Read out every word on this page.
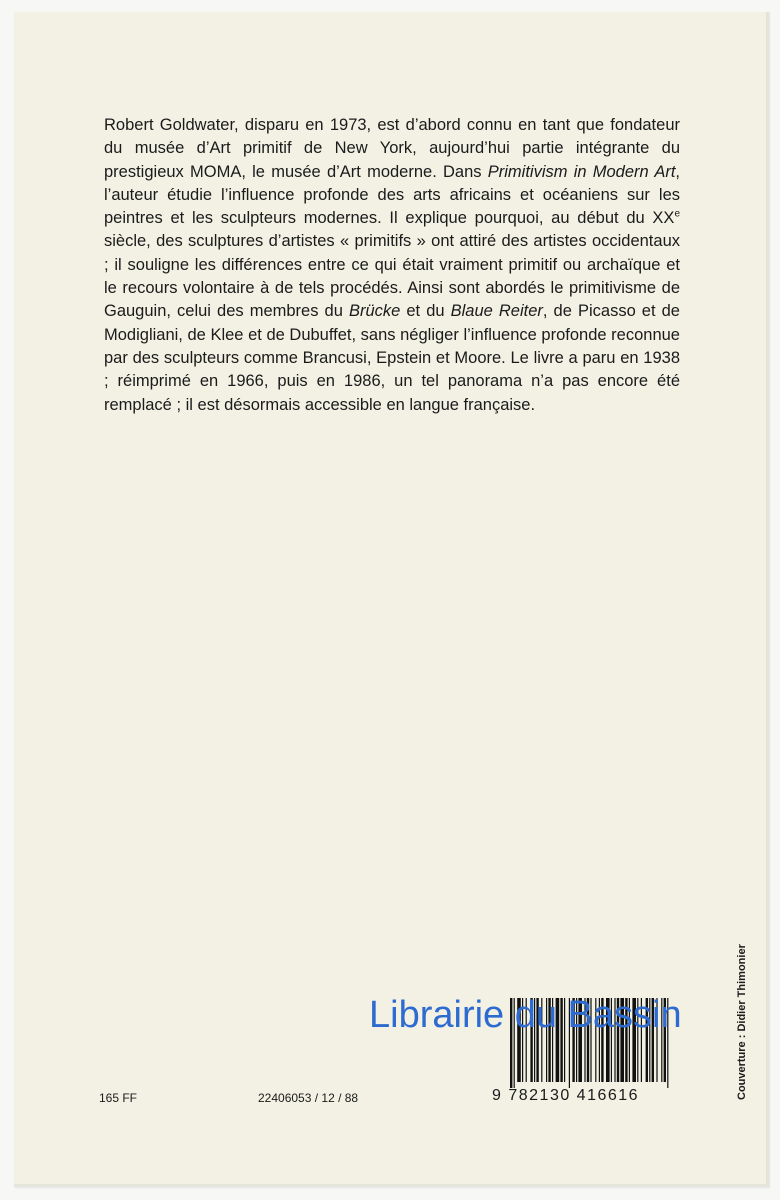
Robert Goldwater, disparu en 1973, est d’abord connu en tant que fondateur du musée d’Art primitif de New York, aujourd’hui partie intégrante du prestigieux MOMA, le musée d’Art moderne. Dans Primitivism in Modern Art, l’auteur étudie l’influence profonde des arts africains et océaniens sur les peintres et les sculpteurs modernes. Il explique pourquoi, au début du XXe siècle, des sculptures d’artistes « primitifs » ont attiré des artistes occidentaux ; il souligne les différences entre ce qui était vraiment primitif ou archaïque et le recours volontaire à de tels procédés. Ainsi sont abordés le primitivisme de Gauguin, celui des membres du Brücke et du Blaue Reiter, de Picasso et de Modigliani, de Klee et de Dubuffet, sans négliger l’influence profonde reconnue par des sculpteurs comme Brancusi, Epstein et Moore. Le livre a paru en 1938 ; réimprimé en 1966, puis en 1986, un tel panorama n’a pas encore été remplacé ; il est désormais accessible en langue française.

165 FF	22406053 / 12 / 88	9 782130 416616	Couverture : Didier Thimonier
Librairie du Bassin
